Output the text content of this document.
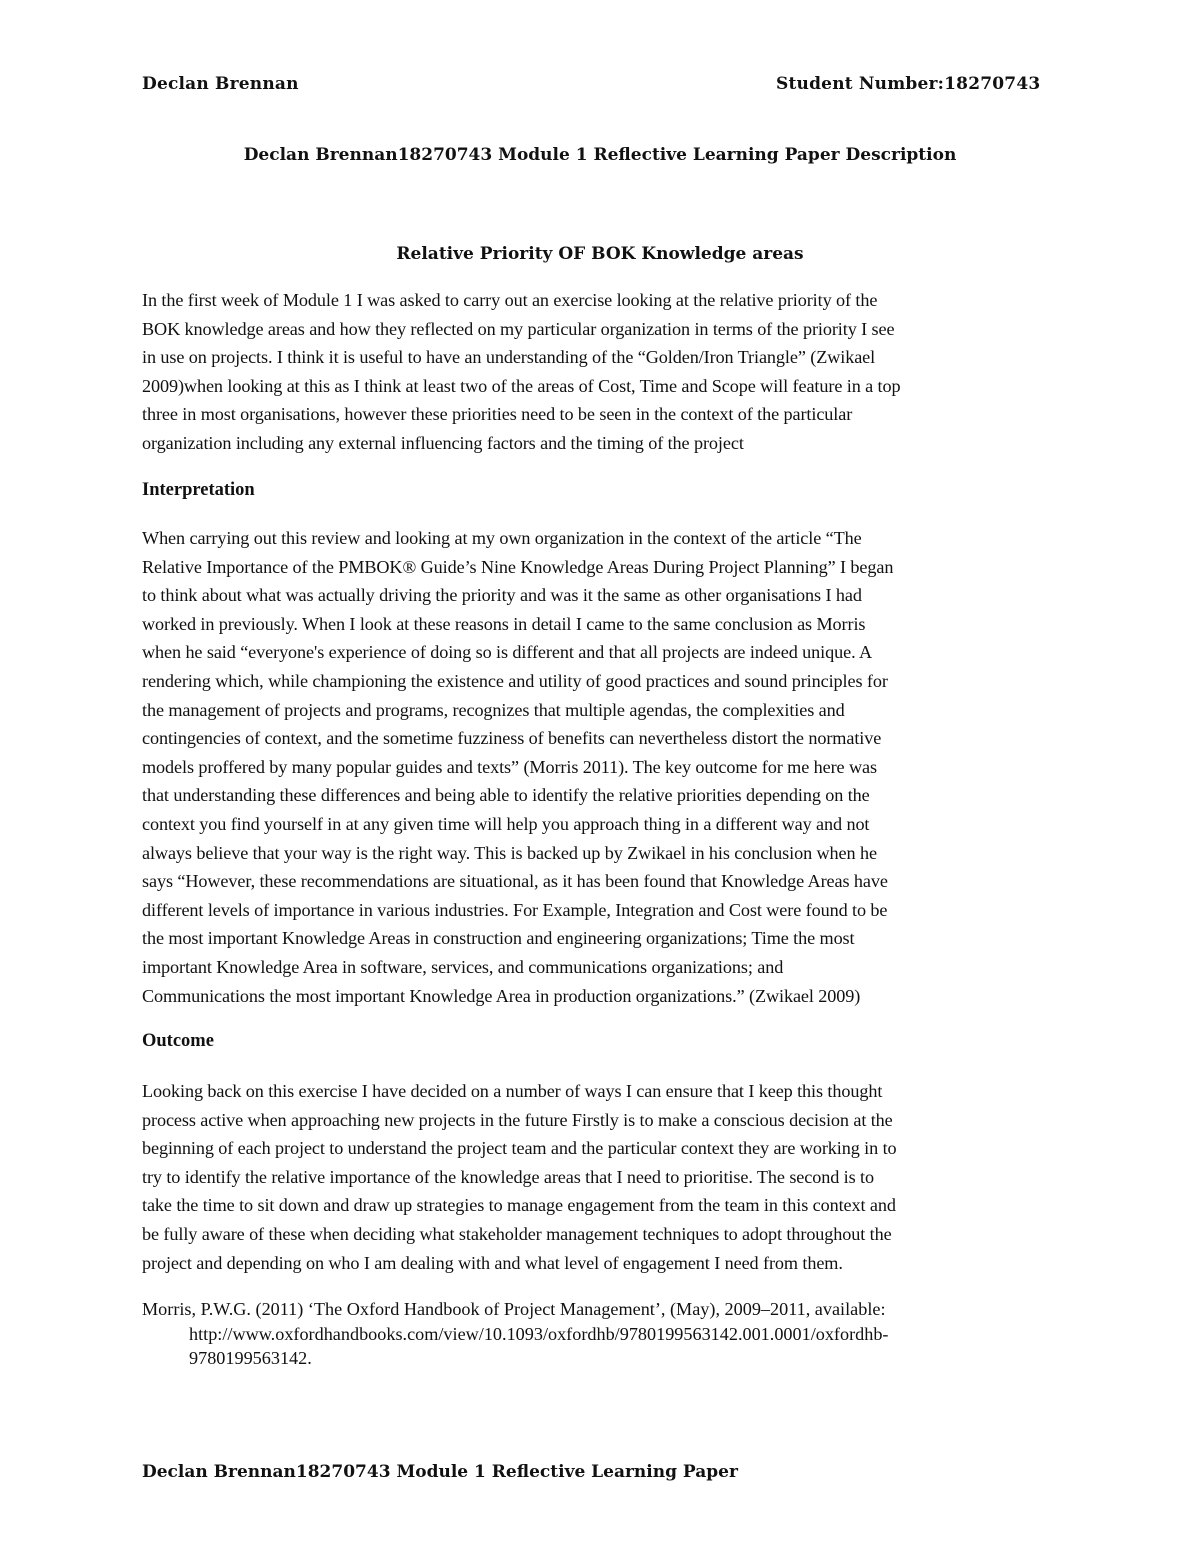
Declan Brennan	Student Number:18270743
Declan Brennan18270743 Module 1 Reflective Learning Paper Description
Relative Priority OF BOK Knowledge areas
In the first week of Module 1 I was asked to carry out an exercise looking at the relative priority of the
BOK knowledge areas and how they reflected on my particular organization in terms of the priority I see
in use on projects. I think it is useful to have an understanding of the “Golden/Iron Triangle” (Zwikael
2009)when looking at this as I think at least two of the areas of Cost, Time and Scope will feature in a top
three in most organisations, however these priorities need to be seen in the context of the particular
organization including any external influencing factors and the timing of the project
Interpretation
When carrying out this review and looking at my own organization in the context of the article “The
Relative Importance of the PMBOK® Guide’s Nine Knowledge Areas During Project Planning” I began
to think about what was actually driving the priority and was it the same as other organisations I had
worked in previously. When I look at these reasons in detail I came to the same conclusion as Morris
when he said “everyone's experience of doing so is different and that all projects are indeed unique. A
rendering which, while championing the existence and utility of good practices and sound principles for
the management of projects and programs, recognizes that multiple agendas, the complexities and
contingencies of context, and the sometime fuzziness of benefits can nevertheless distort the normative
models proffered by many popular guides and texts” (Morris 2011). The key outcome for me here was
that understanding these differences and being able to identify the relative priorities depending on the
context you find yourself in at any given time will help you approach thing in a different way and not
always believe that your way is the right way. This is backed up by Zwikael in his conclusion when he
says “However, these recommendations are situational, as it has been found that Knowledge Areas have
different levels of importance in various industries. For Example, Integration and Cost were found to be
the most important Knowledge Areas in construction and engineering organizations; Time the most
important Knowledge Area in software, services, and communications organizations; and
Communications the most important Knowledge Area in production organizations.” (Zwikael 2009)
Outcome
Looking back on this exercise I have decided on a number of ways I can ensure that I keep this thought
process active when approaching new projects in the future Firstly is to make a conscious decision at the
beginning of each project to understand the project team and the particular context they are working in to
try to identify the relative importance of the knowledge areas that I need to prioritise. The second is to
take the time to sit down and draw up strategies to manage engagement from the team in this context and
be fully aware of these when deciding what stakeholder management techniques to adopt throughout the
project and depending on who I am dealing with and what level of engagement I need from them.
Morris, P.W.G. (2011) ‘The Oxford Handbook of Project Management’, (May), 2009–2011, available:
http://www.oxfordhandbooks.com/view/10.1093/oxfordhb/9780199563142.001.0001/oxfordhb-
9780199563142.
Declan Brennan18270743 Module 1 Reflective Learning Paper
